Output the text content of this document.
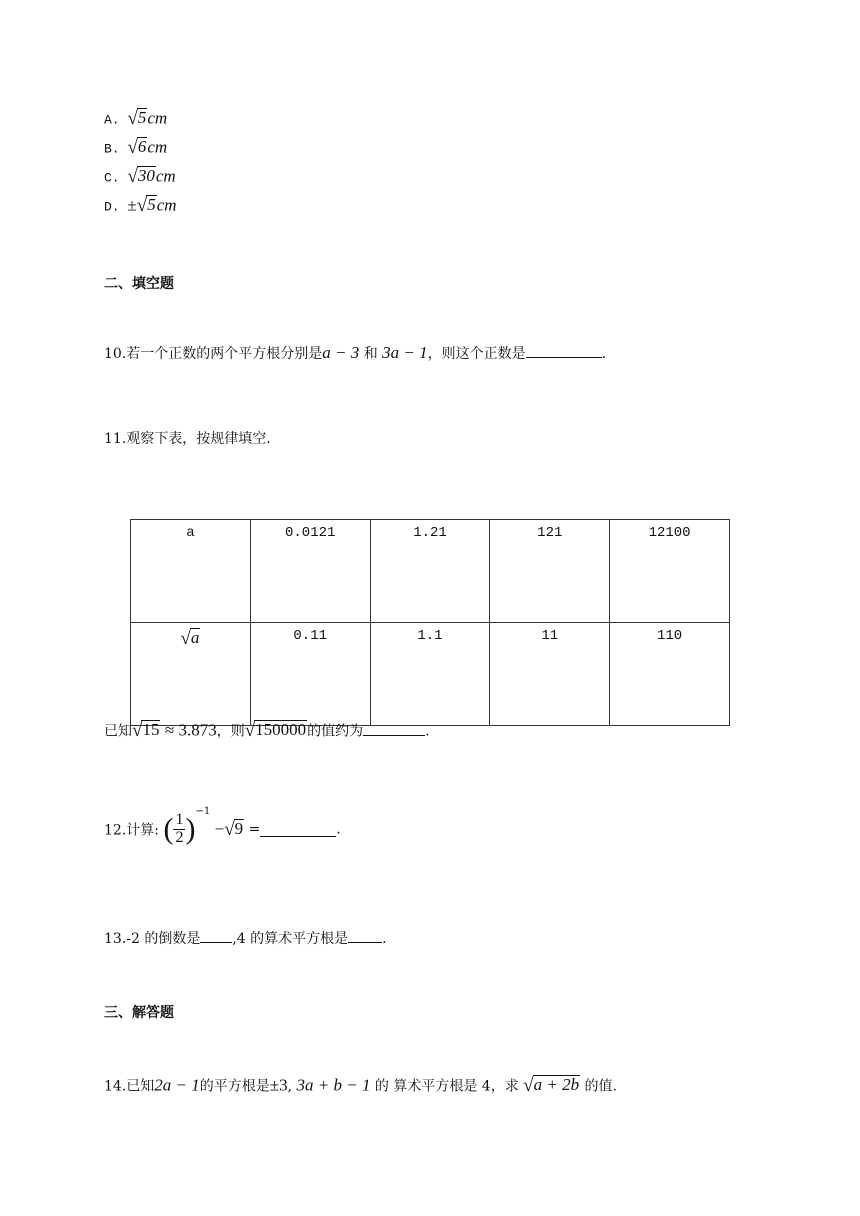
A. √ 5 cm
B. √ 6 cm
C. √ 30 cm
D. ± √ 5 cm
二、填空题
10.若一个正数的两个平方根分别是a − 3 和 3a − 1，则这个正数是	.
11.观察下表，按规律填空.
a	0.0121	1.21	121	12100

√ a	0.11	1.1	11	110
已知 √ 15 ≈ 3.873，则 √ 150000 的值约为	.
12.计算: ( $\frac{1}{2} )^{-1}$ − √ 9 =	.
13.-2 的倒数是 ,4 的算术平方根是 .
三、解答题
14.已知2a − 1的平方根是±3, 3a + b − 1 的 算术平方根是 4，求 √ a + 2b 的值.
